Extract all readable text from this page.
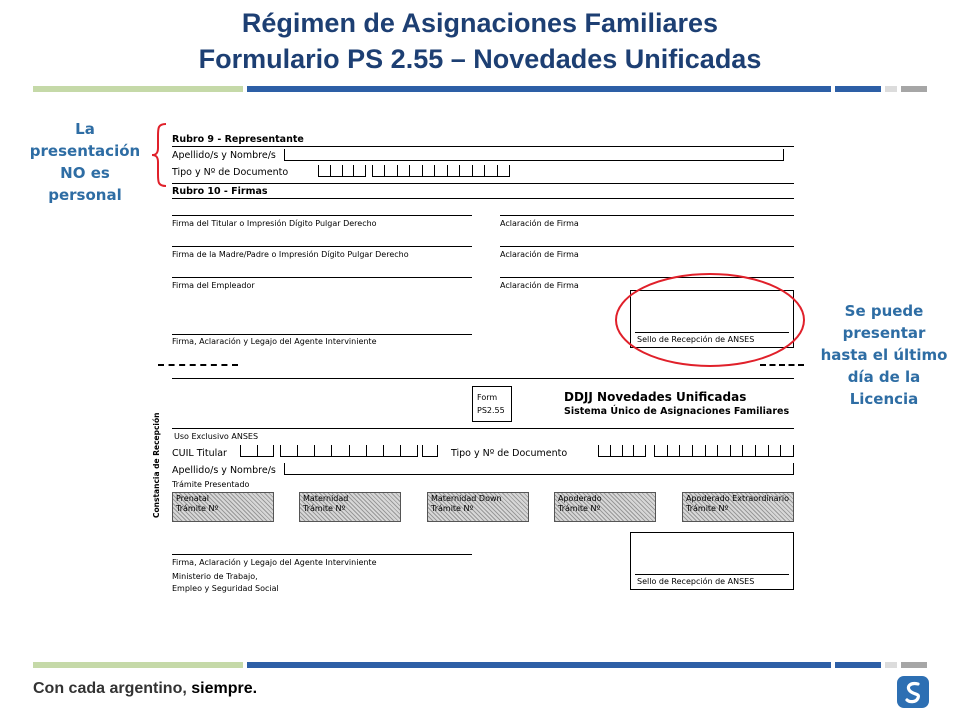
Régimen de Asignaciones Familiares
Formulario PS 2.55 – Novedades Unificadas
La
presentación
NO es
personal
Se puede
presentar
hasta el último
día de la
Licencia
Rubro 9 - Representante
Apellido/s y Nombre/s
Tipo y Nº de Documento
Rubro 10 - Firmas
Firma del Titular o Impresión Dígito Pulgar Derecho	Aclaración de Firma
Firma de la Madre/Padre o Impresión Dígito Pulgar Derecho	Aclaración de Firma
Firma del Empleador	Aclaración de Firma
Firma, Aclaración y Legajo del Agente Interviniente	Sello de Recepción de ANSES
Form
PS2.55
DDJJ Novedades Unificadas
Sistema Único de Asignaciones Familiares
Constancia de Recepción Uso Exclusivo ANSES
CUIL Titular	Tipo y Nº de Documento
Apellido/s y Nombre/s
Trámite Presentado
Prenatal
Trámite Nº
Maternidad
Trámite Nº
Maternidad Down
Trámite Nº
Apoderado
Trámite Nº
Apoderado Extraordinario
Trámite Nº
Firma, Aclaración y Legajo del Agente Interviniente
Ministerio de Trabajo,
Empleo y Seguridad Social
Sello de Recepción de ANSES
Con cada argentino, siempre.
